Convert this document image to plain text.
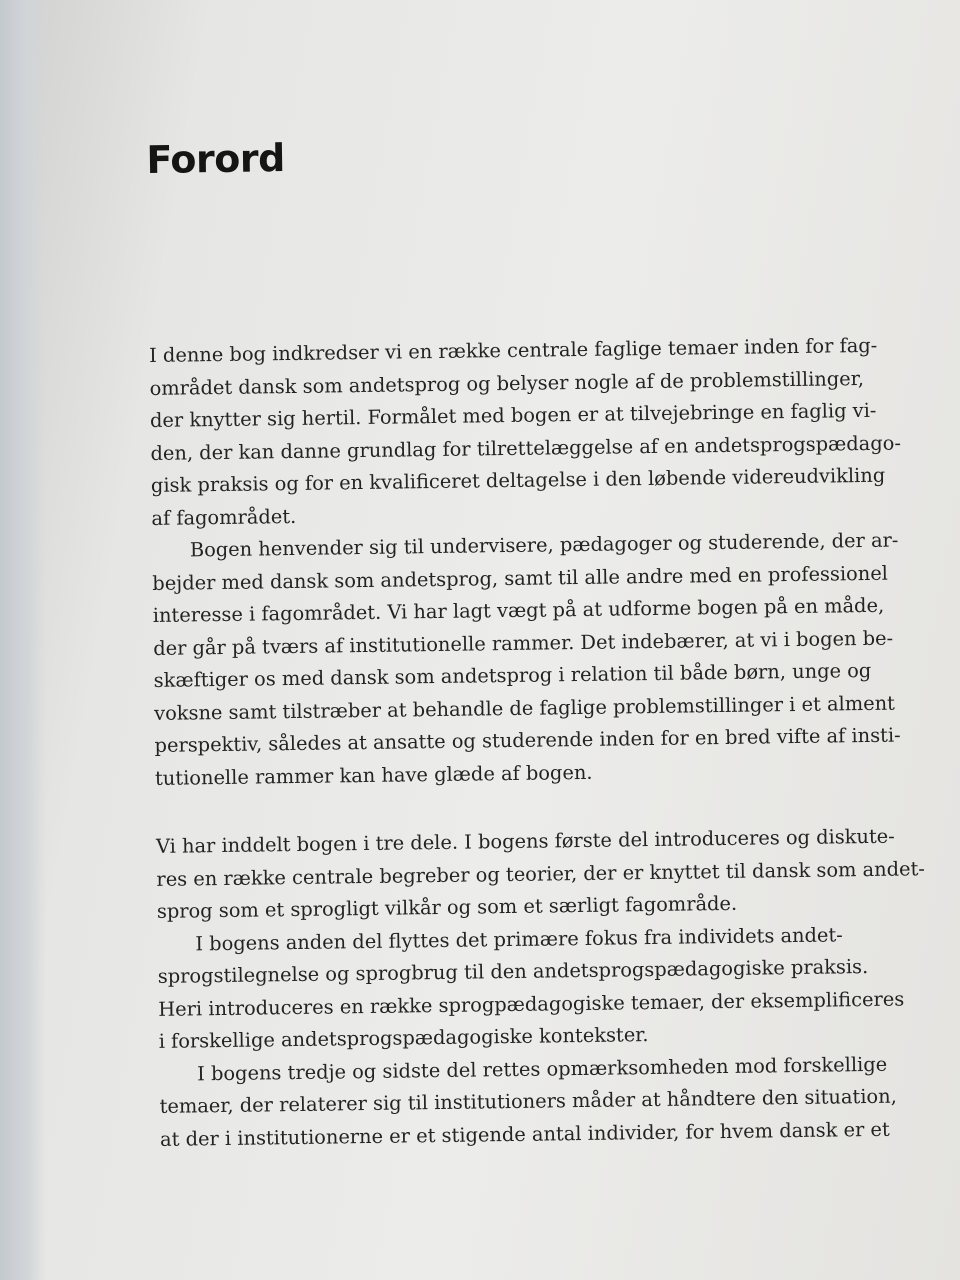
Forord

I denne bog indkredser vi en række centrale faglige temaer inden for fag-
området dansk som andetsprog og belyser nogle af de problemstillinger,
der knytter sig hertil. Formålet med bogen er at tilvejebringe en faglig vi-
den, der kan danne grundlag for tilrettelæggelse af en andetsprogspædago-
gisk praksis og for en kvalificeret deltagelse i den løbende videreudvikling
af fagområdet.

Bogen henvender sig til undervisere, pædagoger og studerende, der ar-
bejder med dansk som andetsprog, samt til alle andre med en professionel
interesse i fagområdet. Vi har lagt vægt på at udforme bogen på en måde,
der går på tværs af institutionelle rammer. Det indebærer, at vi i bogen be-
skæftiger os med dansk som andetsprog i relation til både børn, unge og
voksne samt tilstræber at behandle de faglige problemstillinger i et alment
perspektiv, således at ansatte og studerende inden for en bred vifte af insti-
tutionelle rammer kan have glæde af bogen.

Vi har inddelt bogen i tre dele. I bogens første del introduceres og diskute-
res en række centrale begreber og teorier, der er knyttet til dansk som andet-
sprog som et sprogligt vilkår og som et særligt fagområde.

I bogens anden del flyttes det primære fokus fra individets andet-
sprogstilegnelse og sprogbrug til den andetsprogspædagogiske praksis.
Heri introduceres en række sprogpædagogiske temaer, der eksemplificeres
i forskellige andetsprogspædagogiske kontekster.

I bogens tredje og sidste del rettes opmærksomheden mod forskellige
temaer, der relaterer sig til institutioners måder at håndtere den situation,
at der i institutionerne er et stigende antal individer, for hvem dansk er et
